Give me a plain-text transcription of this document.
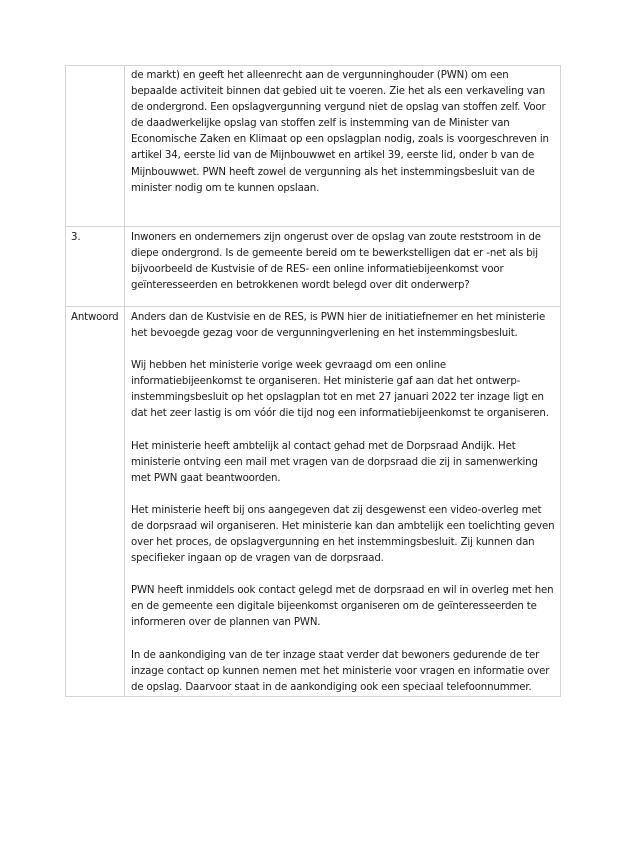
	de markt) en geeft het alleenrecht aan de vergunninghouder (PWN) om een bepaalde activiteit binnen dat gebied uit te voeren. Zie het als een verkaveling van de ondergrond. Een opslagvergunning vergund niet de opslag van stoffen zelf. Voor de daadwerkelijke opslag van stoffen zelf is instemming van de Minister van Economische Zaken en Klimaat op een opslagplan nodig, zoals is voorgeschreven in artikel 34, eerste lid van de Mijnbouwwet en artikel 39, eerste lid, onder b van de Mijnbouwwet. PWN heeft zowel de vergunning als het instemmingsbesluit van de minister nodig om te kunnen opslaan.

3.	Inwoners en ondernemers zijn ongerust over de opslag van zoute reststroom in de diepe ondergrond. Is de gemeente bereid om te bewerkstelligen dat er -net als bij bijvoorbeeld de Kustvisie of de RES- een online informatiebijeenkomst voor geïnteresseerden en betrokkenen wordt belegd over dit onderwerp?

Antwoord	Anders dan de Kustvisie en de RES, is PWN hier de initiatiefnemer en het ministerie het bevoegde gezag voor de vergunningverlening en het instemmingsbesluit.

Wij hebben het ministerie vorige week gevraagd om een online informatiebijeenkomst te organiseren. Het ministerie gaf aan dat het ontwerp-instemmingsbesluit op het opslagplan tot en met 27 januari 2022 ter inzage ligt en dat het zeer lastig is om vóór die tijd nog een informatiebijeenkomst te organiseren.

Het ministerie heeft ambtelijk al contact gehad met de Dorpsraad Andijk. Het ministerie ontving een mail met vragen van de dorpsraad die zij in samenwerking met PWN gaat beantwoorden.

Het ministerie heeft bij ons aangegeven dat zij desgewenst een video-overleg met de dorpsraad wil organiseren. Het ministerie kan dan ambtelijk een toelichting geven over het proces, de opslagvergunning en het instemmingsbesluit. Zij kunnen dan specifieker ingaan op de vragen van de dorpsraad.

PWN heeft inmiddels ook contact gelegd met de dorpsraad en wil in overleg met hen en de gemeente een digitale bijeenkomst organiseren om de geïnteresseerden te informeren over de plannen van PWN.

In de aankondiging van de ter inzage staat verder dat bewoners gedurende de ter inzage contact op kunnen nemen met het ministerie voor vragen en informatie over de opslag. Daarvoor staat in de aankondiging ook een speciaal telefoonnummer.
